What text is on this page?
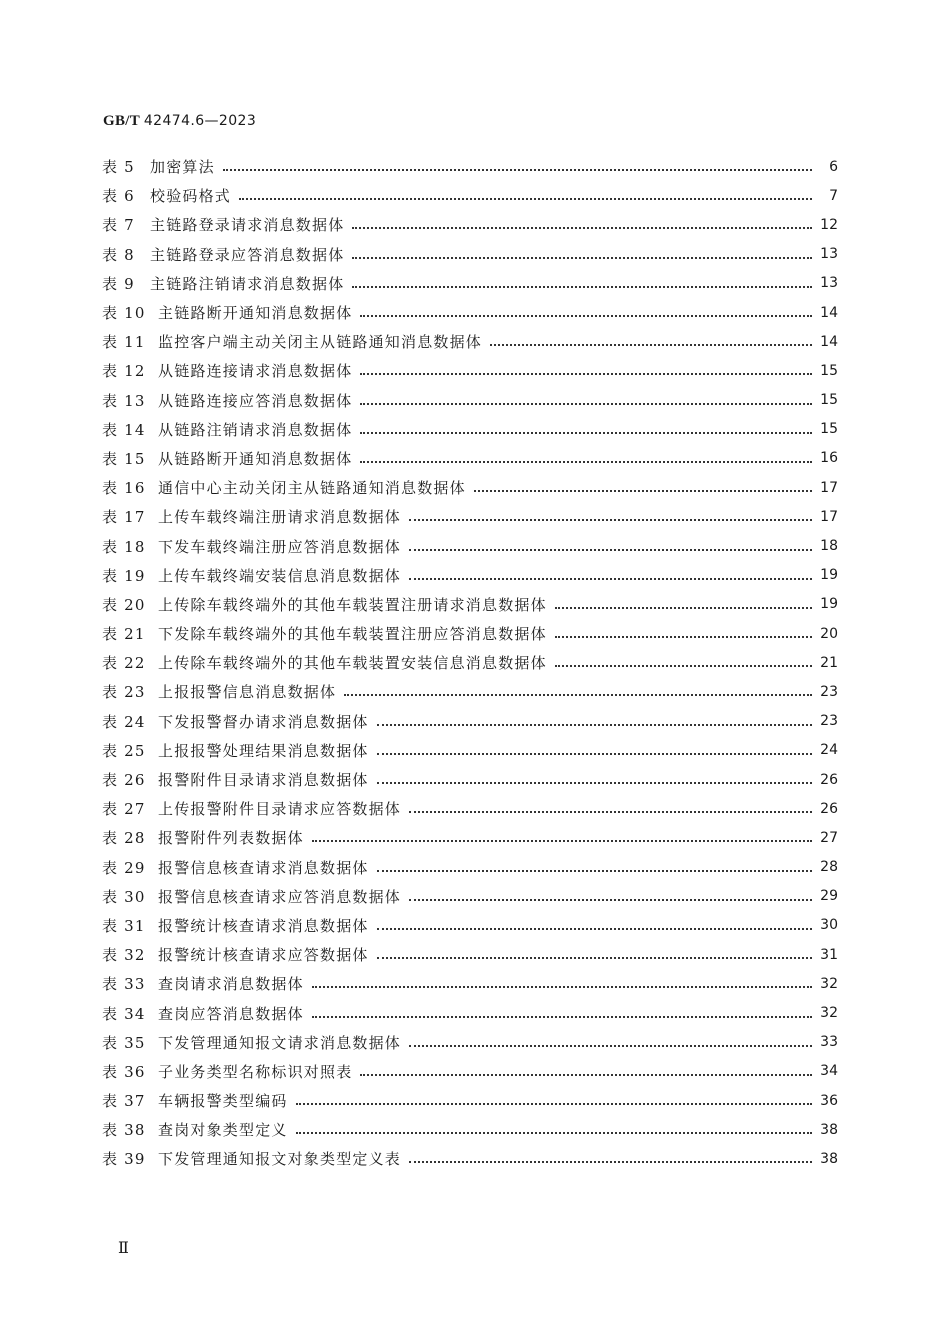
GB/T 42474.6—2023
表 5	加密算法	6
表 6	校验码格式	7
表 7	主链路登录请求消息数据体	12
表 8	主链路登录应答消息数据体	13
表 9	主链路注销请求消息数据体	13
表 10 主链路断开通知消息数据体	14
表 11 监控客户端主动关闭主从链路通知消息数据体	14
表 12 从链路连接请求消息数据体	15
表 13 从链路连接应答消息数据体	15
表 14 从链路注销请求消息数据体	15
表 15 从链路断开通知消息数据体	16
表 16 通信中心主动关闭主从链路通知消息数据体	17
表 17 上传车载终端注册请求消息数据体	17
表 18 下发车载终端注册应答消息数据体	18
表 19 上传车载终端安装信息消息数据体	19
表 20 上传除车载终端外的其他车载装置注册请求消息数据体	19
表 21 下发除车载终端外的其他车载装置注册应答消息数据体	20
表 22 上传除车载终端外的其他车载装置安装信息消息数据体	21
表 23 上报报警信息消息数据体	23
表 24 下发报警督办请求消息数据体	23
表 25 上报报警处理结果消息数据体	24
表 26 报警附件目录请求消息数据体	26
表 27 上传报警附件目录请求应答数据体	26
表 28 报警附件列表数据体	27
表 29 报警信息核查请求消息数据体	28
表 30 报警信息核查请求应答消息数据体	29
表 31 报警统计核查请求消息数据体	30
表 32 报警统计核查请求应答数据体	31
表 33 查岗请求消息数据体	32
表 34 查岗应答消息数据体	32
表 35 下发管理通知报文请求消息数据体	33
表 36 子业务类型名称标识对照表	34
表 37 车辆报警类型编码	36
表 38 查岗对象类型定义	38
表 39 下发管理通知报文对象类型定义表	38
Ⅱ
